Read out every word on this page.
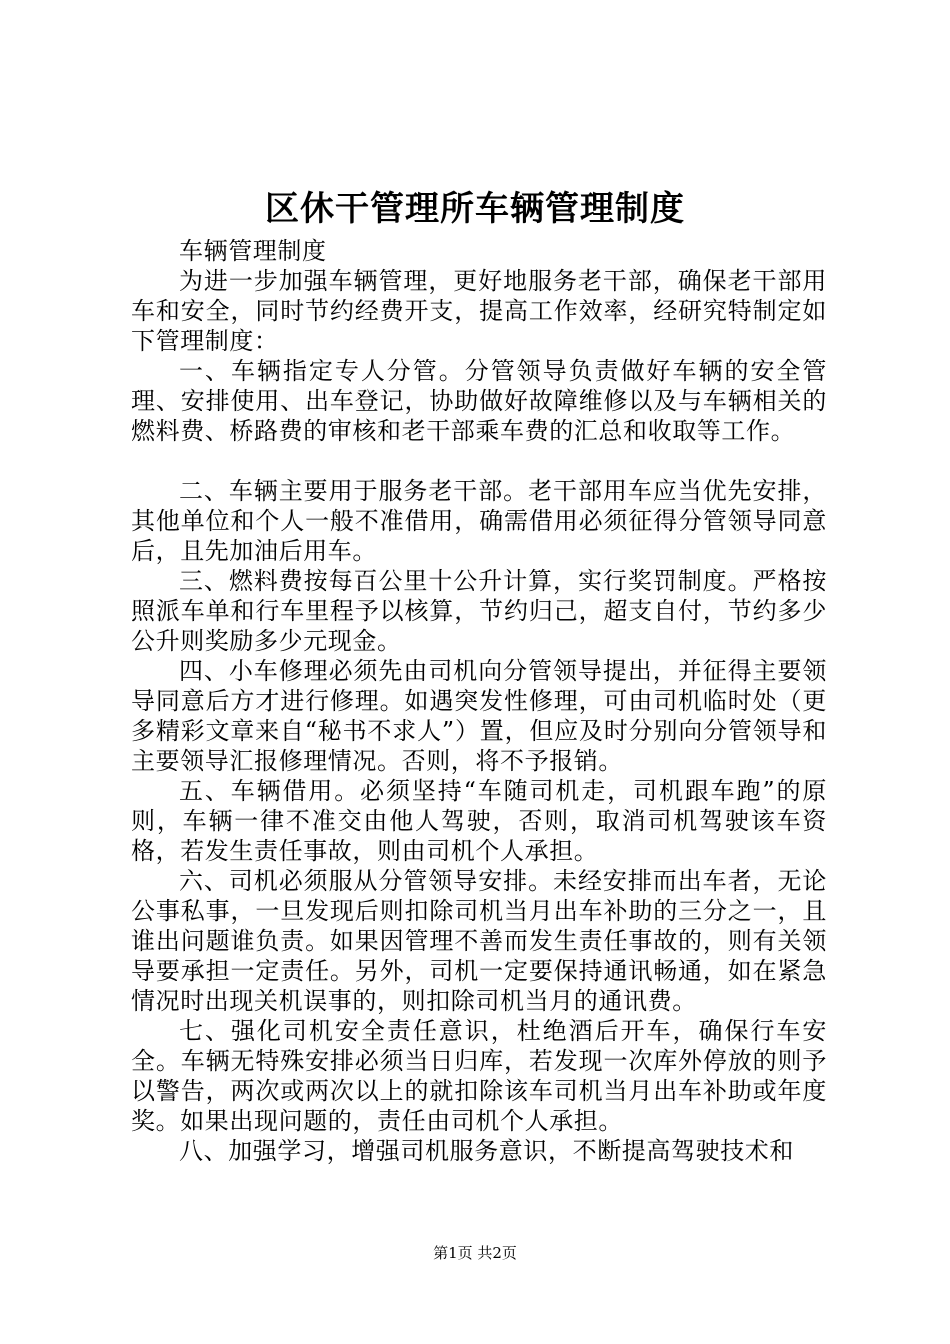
区休干管理所车辆管理制度

车辆管理制度

为进一步加强车辆管理，更好地服务老干部，确保老干部用车和安全，同时节约经费开支，提高工作效率，经研究特制定如下管理制度：

一、车辆指定专人分管。分管领导负责做好车辆的安全管理、安排使用、出车登记，协助做好故障维修以及与车辆相关的燃料费、桥路费的审核和老干部乘车费的汇总和收取等工作。

二、车辆主要用于服务老干部。老干部用车应当优先安排，其他单位和个人一般不准借用，确需借用必须征得分管领导同意后，且先加油后用车。

三、燃料费按每百公里十公升计算，实行奖罚制度。严格按照派车单和行车里程予以核算，节约归己，超支自付，节约多少公升则奖励多少元现金。

四、小车修理必须先由司机向分管领导提出，并征得主要领导同意后方才进行修理。如遇突发性修理，可由司机临时处（更多精彩文章来自“秘书不求人”）置，但应及时分别向分管领导和主要领导汇报修理情况。否则，将不予报销。

五、车辆借用。必须坚持“车随司机走，司机跟车跑”的原则，车辆一律不准交由他人驾驶，否则，取消司机驾驶该车资格，若发生责任事故，则由司机个人承担。

六、司机必须服从分管领导安排。未经安排而出车者，无论公事私事，一旦发现后则扣除司机当月出车补助的三分之一，且谁出问题谁负责。如果因管理不善而发生责任事故的，则有关领导要承担一定责任。另外，司机一定要保持通讯畅通，如在紧急情况时出现关机误事的，则扣除司机当月的通讯费。

七、强化司机安全责任意识，杜绝酒后开车，确保行车安全。车辆无特殊安排必须当日归库，若发现一次库外停放的则予以警告，两次或两次以上的就扣除该车司机当月出车补助或年度奖。如果出现问题的，责任由司机个人承担。

八、加强学习，增强司机服务意识，不断提高驾驶技术和

第1页 共2页
